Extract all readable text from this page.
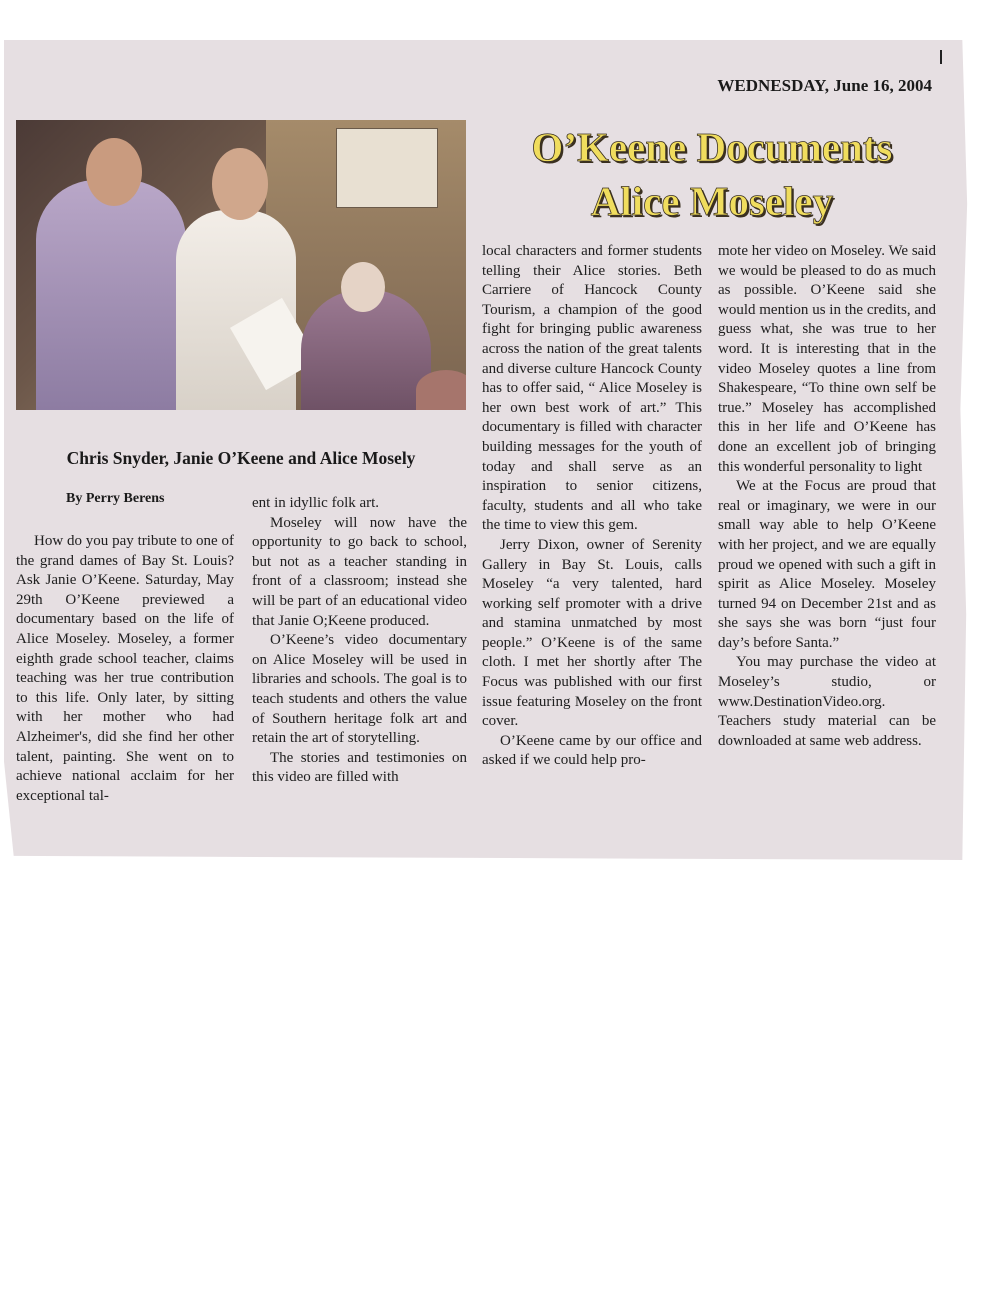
WEDNESDAY, June 16, 2004
Chris Snyder, Janie O’Keene and Alice Mosely
O’Keene Documents
Alice Moseley
By Perry Berens

How do you pay tribute to one of the grand dames of Bay St. Louis? Ask Janie O’Keene. Saturday, May 29th O’Keene previewed a documentary based on the life of Alice Moseley. Moseley, a former eighth grade school teacher, claims teaching was her true contribution to this life. Only later, by sitting with her mother who had Alzheimer's, did she find her other talent, painting. She went on to achieve national acclaim for her exceptional tal-

ent in idyllic folk art.

Moseley will now have the opportunity to go back to school, but not as a teacher standing in front of a classroom; instead she will be part of an educational video that Janie O;Keene produced.

O’Keene’s video documentary on Alice Moseley will be used in libraries and schools. The goal is to teach students and others the value of Southern heritage folk art and retain the art of storytelling.

The stories and testimonies on this video are filled with

local characters and former students telling their Alice stories. Beth Carriere of Hancock County Tourism, a champion of the good fight for bringing public awareness across the nation of the great talents and diverse culture Hancock County has to offer said, “ Alice Moseley is her own best work of art.” This documentary is filled with character building messages for the youth of today and shall serve as an inspiration to senior citizens, faculty, students and all who take the time to view this gem.

Jerry Dixon, owner of Serenity Gallery in Bay St. Louis, calls Moseley “a very talented, hard working self promoter with a drive and stamina unmatched by most people.” O’Keene is of the same cloth. I met her shortly after The Focus was published with our first issue featuring Moseley on the front cover.

O’Keene came by our office and asked if we could help pro-

mote her video on Moseley. We said we would be pleased to do as much as possible. O’Keene said she would mention us in the credits, and guess what, she was true to her word. It is interesting that in the video Moseley quotes a line from Shakespeare, “To thine own self be true.” Moseley has accomplished this in her life and O’Keene has done an excellent job of bringing this wonderful personality to light

We at the Focus are proud that real or imaginary, we were in our small way able to help O’Keene with her project, and we are equally proud we opened with such a gift in spirit as Alice Moseley. Moseley turned 94 on December 21st and as she says she was born “just four day’s before Santa.”

You may purchase the video at Moseley’s studio, or www.DestinationVideo.org. Teachers study material can be downloaded at same web address.
